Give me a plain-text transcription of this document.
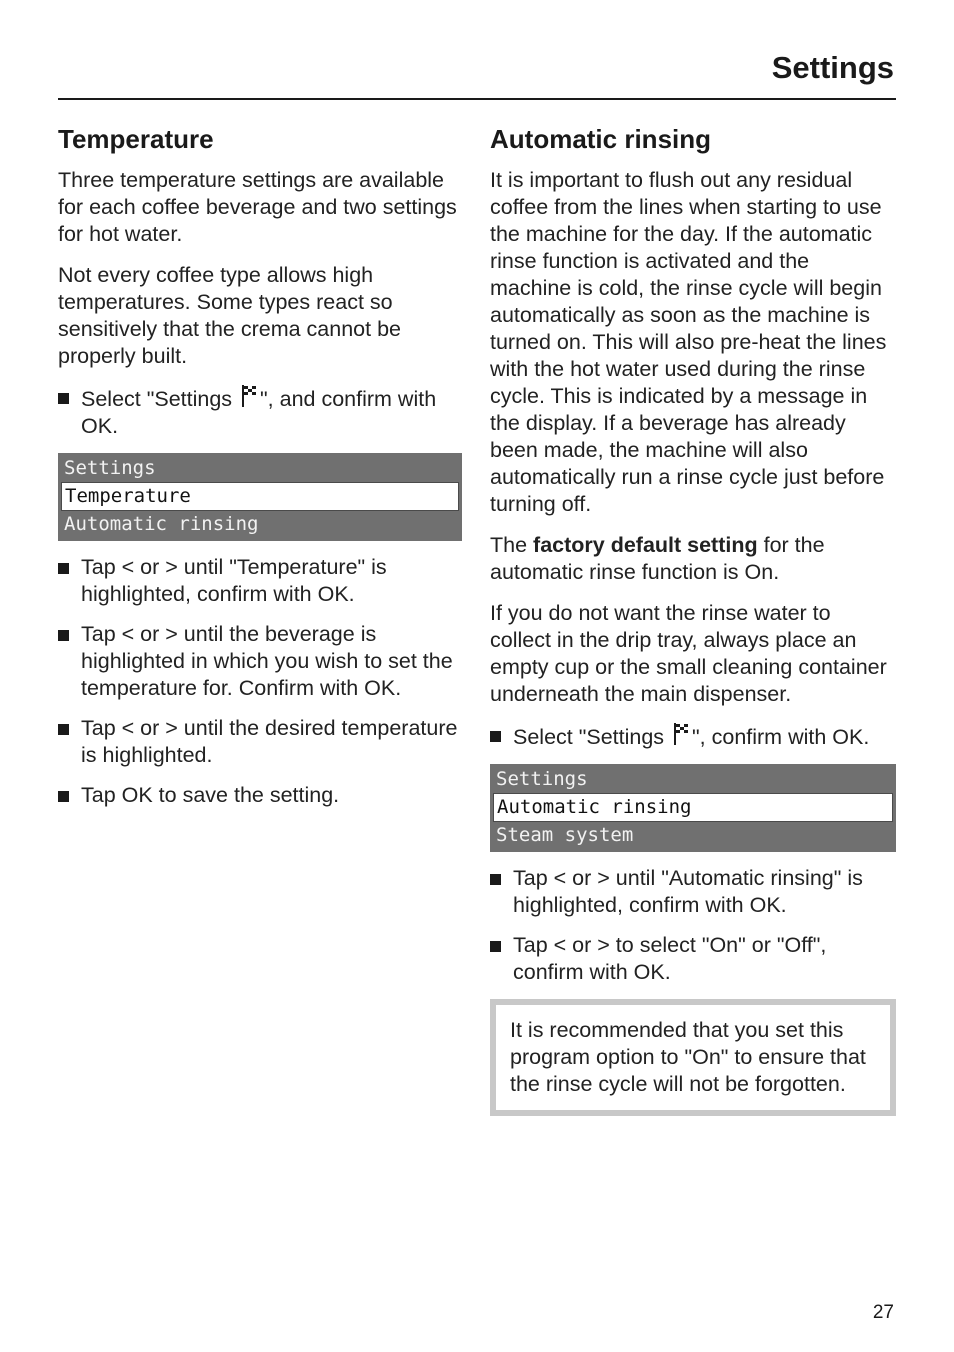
Settings
Temperature

Three temperature settings are available for each coffee beverage and two settings for hot water.

Not every coffee type allows high temperatures. Some types react so sensitively that the crema cannot be properly built.

Select "Settings ", and confirm with OK.
Settings
Temperature
Automatic rinsing
Tap < or > until "Temperature" is highlighted, confirm with OK.
Tap < or > until the beverage is highlighted in which you wish to set the temperature for. Confirm with OK.
Tap < or > until the desired temperature is highlighted.
Tap OK to save the setting.
Automatic rinsing

It is important to flush out any residual coffee from the lines when starting to use the machine for the day. If the automatic rinse function is activated and the machine is cold, the rinse cycle will begin automatically as soon as the machine is turned on. This will also pre-heat the lines with the hot water used during the rinse cycle. This is indicated by a message in the display. If a beverage has already been made, the machine will also automatically run a rinse cycle just before turning off.

The factory default setting for the automatic rinse function is On.

If you do not want the rinse water to collect in the drip tray, always place an empty cup or the small cleaning container underneath the main dispenser.

Select "Settings ", confirm with OK.
Settings
Automatic rinsing
Steam system
Tap < or > until "Automatic rinsing" is highlighted, confirm with OK.
Tap < or > to select "On" or "Off", confirm with OK.

It is recommended that you set this program option to "On" to ensure that the rinse cycle will not be forgotten.

27
